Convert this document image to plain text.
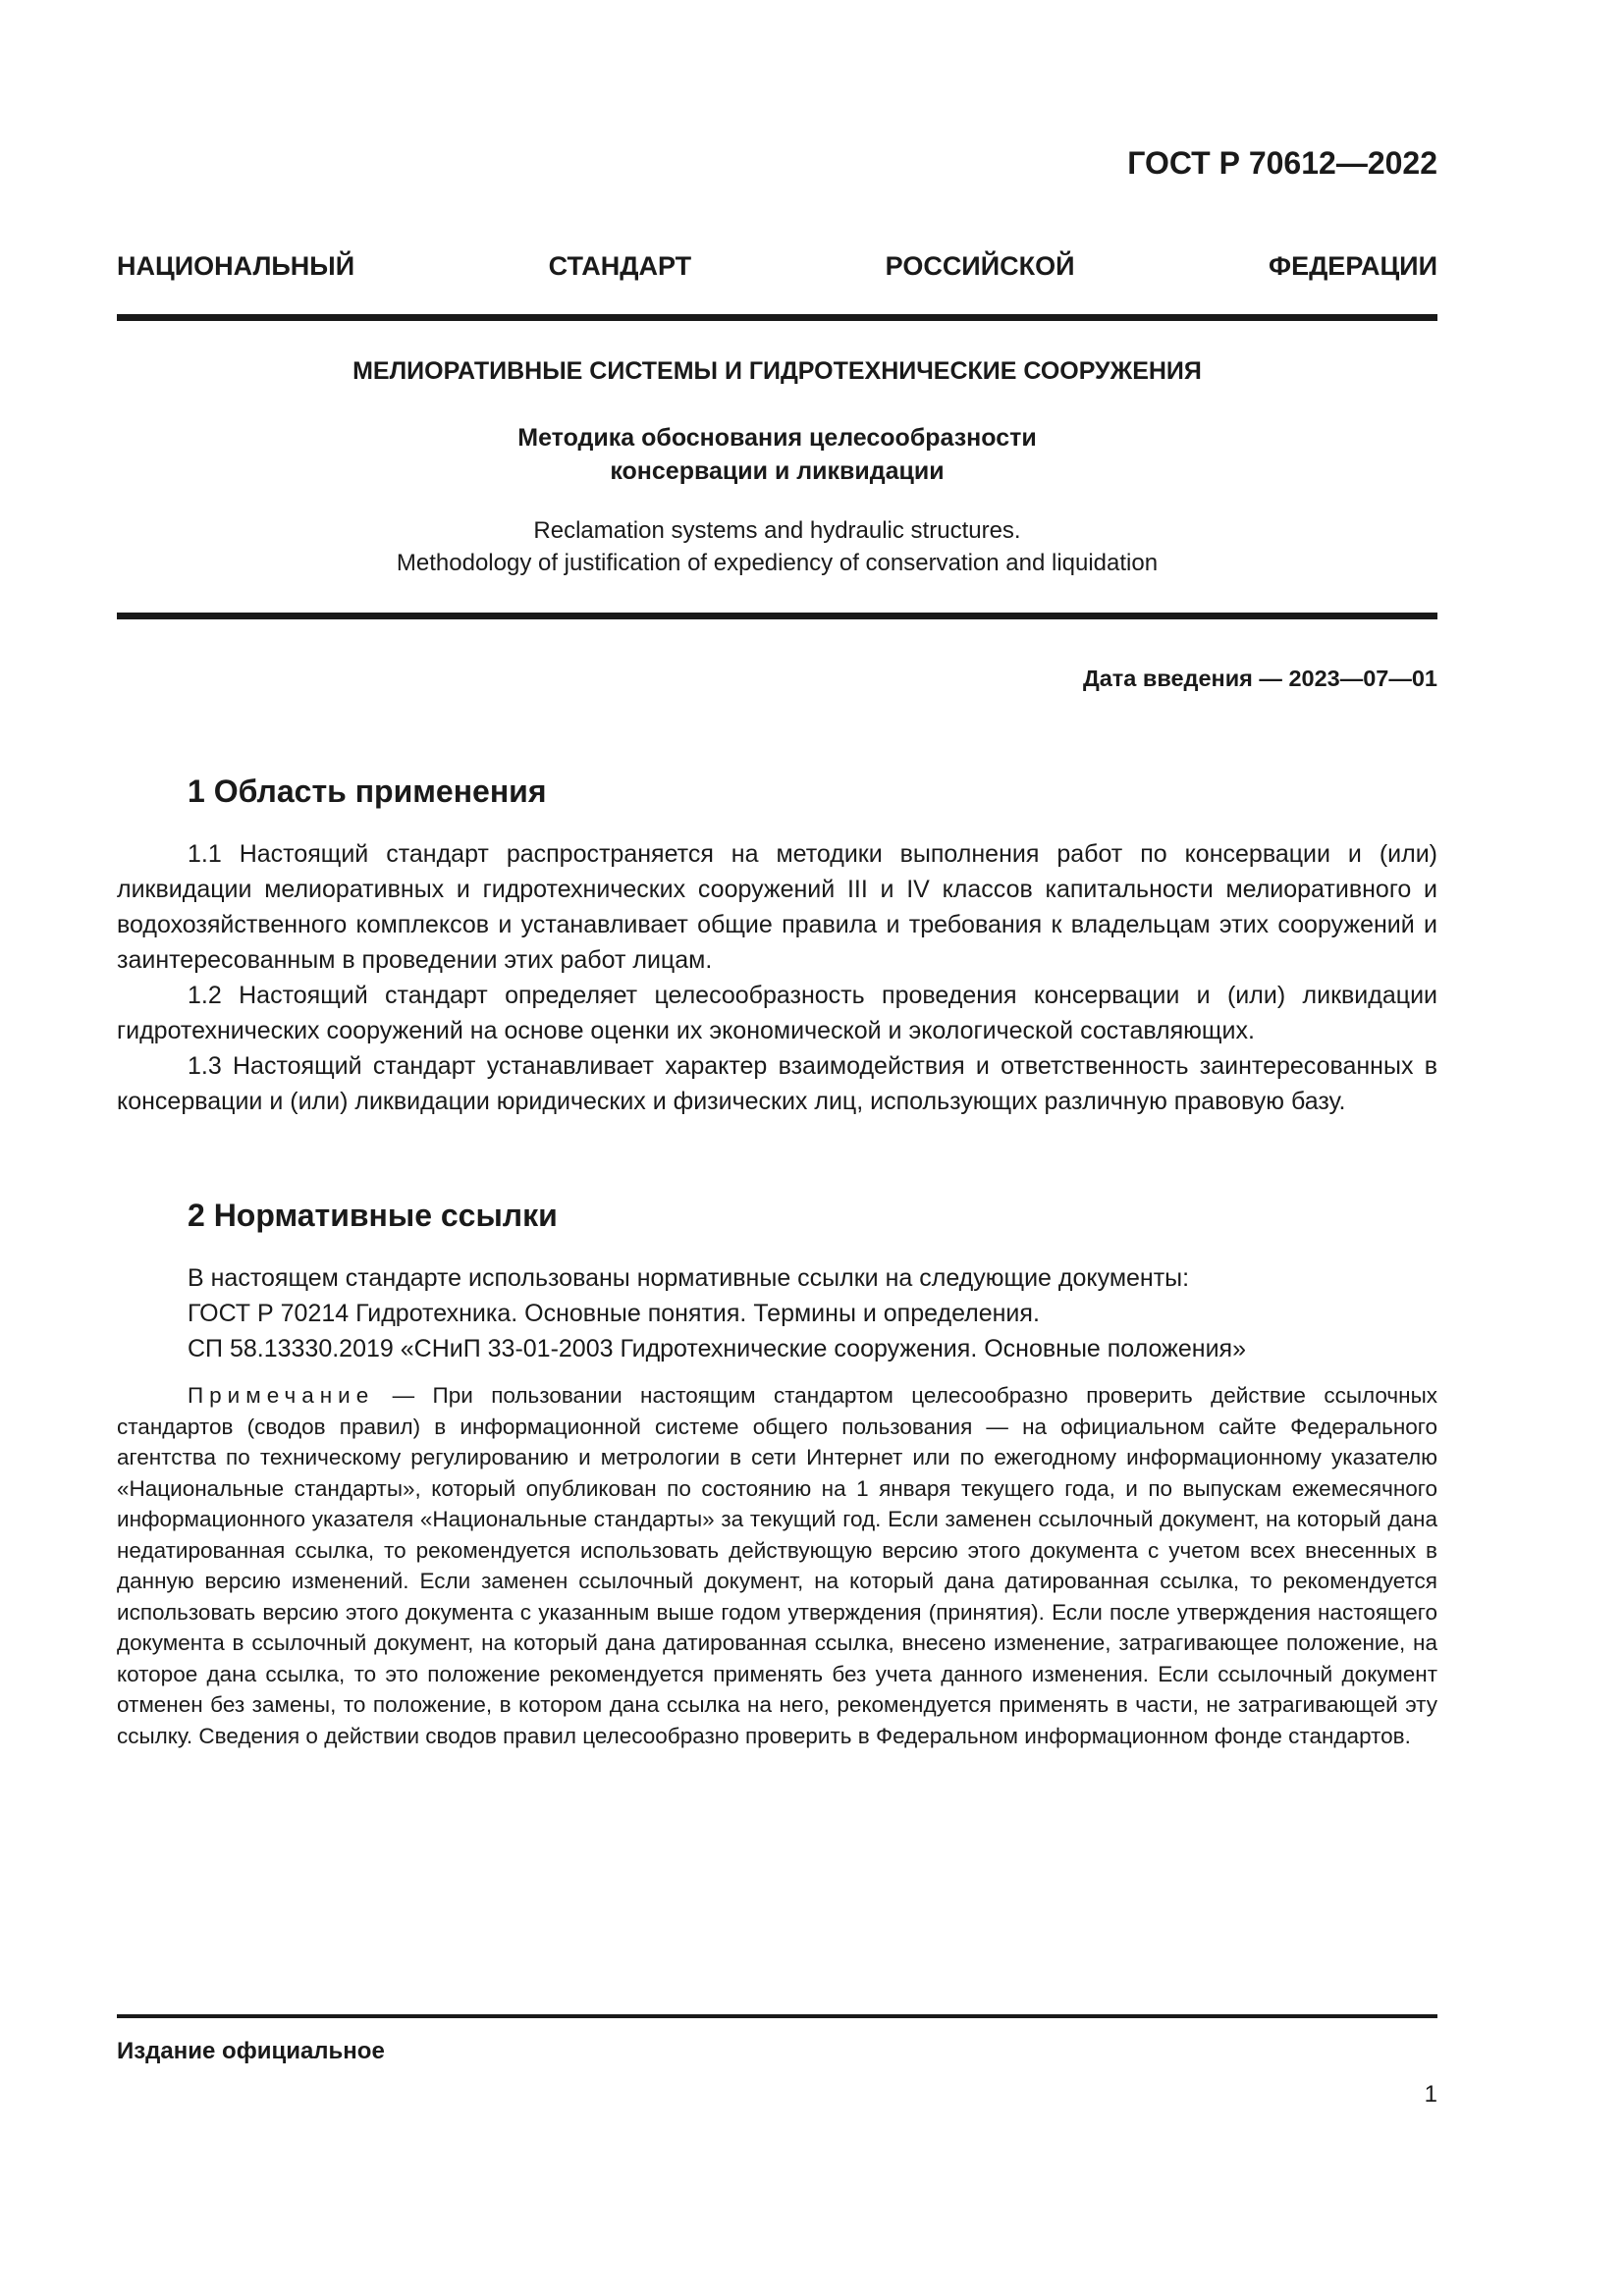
ГОСТ Р 70612—2022
НАЦИОНАЛЬНЫЙ СТАНДАРТ РОССИЙСКОЙ ФЕДЕРАЦИИ
МЕЛИОРАТИВНЫЕ СИСТЕМЫ И ГИДРОТЕХНИЧЕСКИЕ СООРУЖЕНИЯ
Методика обоснования целесообразности
консервации и ликвидации
Reclamation systems and hydraulic structures.
Methodology of justification of expediency of conservation and liquidation
Дата введения — 2023—07—01
1 Область применения

1.1 Настоящий стандарт распространяется на методики выполнения работ по консервации и (или) ликвидации мелиоративных и гидротехнических сооружений III и IV классов капитальности мелиоративного и водохозяйственного комплексов и устанавливает общие правила и требования к владельцам этих сооружений и заинтересованным в проведении этих работ лицам.

1.2 Настоящий стандарт определяет целесообразность проведения консервации и (или) ликвидации гидротехнических сооружений на основе оценки их экономической и экологической составляющих.

1.3 Настоящий стандарт устанавливает характер взаимодействия и ответственность заинтересованных в консервации и (или) ликвидации юридических и физических лиц, использующих различную правовую базу.

2 Нормативные ссылки

В настоящем стандарте использованы нормативные ссылки на следующие документы:

ГОСТ Р 70214 Гидротехника. Основные понятия. Термины и определения.

СП 58.13330.2019 «СНиП 33-01-2003 Гидротехнические сооружения. Основные положения»

Примечание — При пользовании настоящим стандартом целесообразно проверить действие ссылочных стандартов (сводов правил) в информационной системе общего пользования — на официальном сайте Федерального агентства по техническому регулированию и метрологии в сети Интернет или по ежегодному информационному указателю «Национальные стандарты», который опубликован по состоянию на 1 января текущего года, и по выпускам ежемесячного информационного указателя «Национальные стандарты» за текущий год. Если заменен ссылочный документ, на который дана недатированная ссылка, то рекомендуется использовать действующую версию этого документа с учетом всех внесенных в данную версию изменений. Если заменен ссылочный документ, на который дана датированная ссылка, то рекомендуется использовать версию этого документа с указанным выше годом утверждения (принятия). Если после утверждения настоящего документа в ссылочный документ, на который дана датированная ссылка, внесено изменение, затрагивающее положение, на которое дана ссылка, то это положение рекомендуется применять без учета данного изменения. Если ссылочный документ отменен без замены, то положение, в котором дана ссылка на него, рекомендуется применять в части, не затрагивающей эту ссылку. Сведения о действии сводов правил целесообразно проверить в Федеральном информационном фонде стандартов.
Издание официальное
1
